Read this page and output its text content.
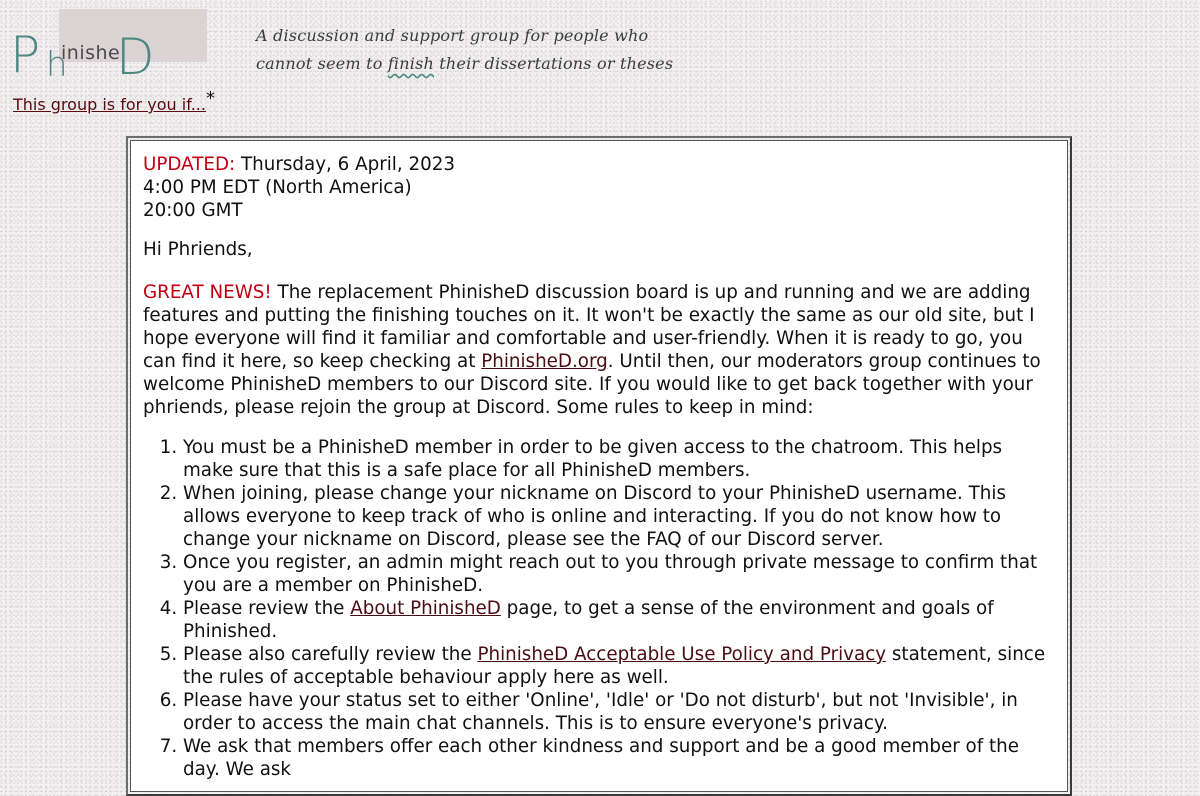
P h
inishe
D	A discussion and support group for people who
cannot seem to finish their dissertations or theses
This group is for you if...*

UPDATED: Thursday, 6 April, 2023

4:00 PM EDT (North America)

20:00 GMT

Hi Phriends,

GREAT NEWS! The replacement PhinisheD discussion board is up and running and we are adding features and putting the finishing touches on it. It won't be exactly the same as our old site, but I hope everyone will find it familiar and comfortable and user-friendly. When it is ready to go, you can find it here, so keep checking at PhinisheD.org. Until then, our moderators group continues to welcome PhinisheD members to our Discord site. If you would like to get back together with your phriends, please rejoin the group at Discord. Some rules to keep in mind:

1. You must be a PhinisheD member in order to be given access to the chatroom. This helps make sure that this is a safe place for all PhinisheD members.
2. When joining, please change your nickname on Discord to your PhinisheD username. This allows everyone to keep track of who is online and interacting. If you do not know how to change your nickname on Discord, please see the FAQ of our Discord server.
3. Once you register, an admin might reach out to you through private message to confirm that you are a member on PhinisheD.
4. Please review the About PhinisheD page, to get a sense of the environment and goals of Phinished.
5. Please also carefully review the PhinisheD Acceptable Use Policy and Privacy statement, since the rules of acceptable behaviour apply here as well.
6. Please have your status set to either 'Online', 'Idle' or 'Do not disturb', but not 'Invisible', in order to access the main chat channels. This is to ensure everyone's privacy.
7. We ask that members offer each other kindness and support and be a good member of the day. We ask
